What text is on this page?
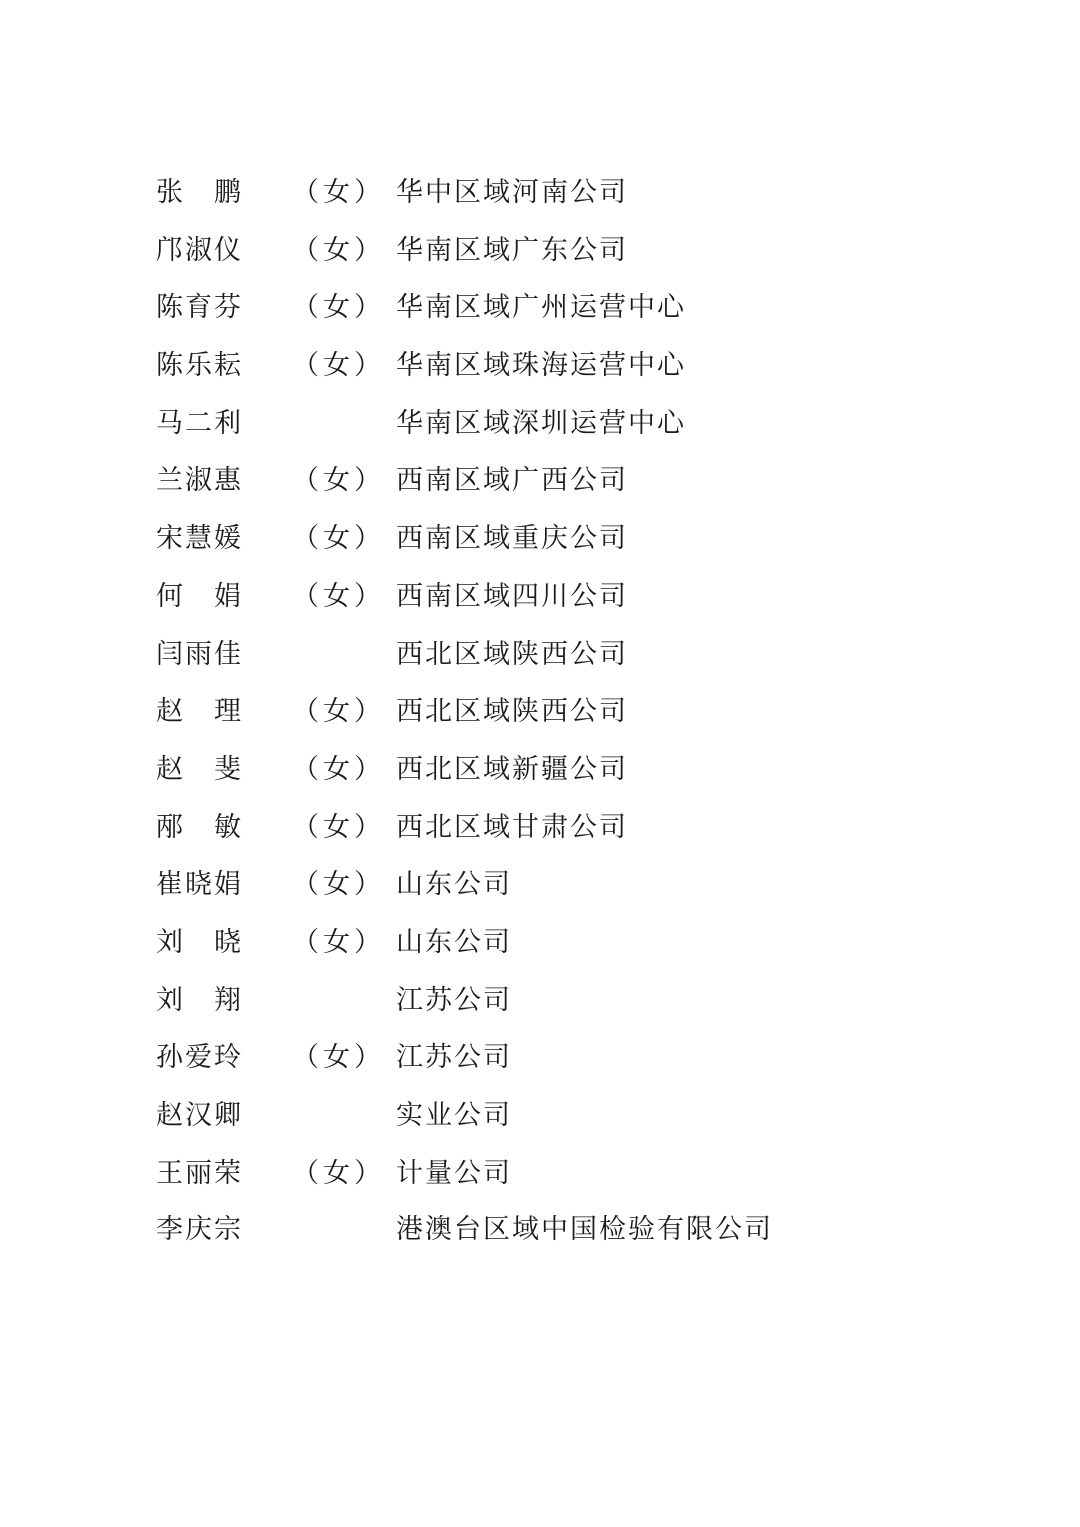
张　鹏 （女） 华中区域河南公司
邝淑仪 （女） 华南区域广东公司
陈育芬 （女） 华南区域广州运营中心
陈乐耘 （女） 华南区域珠海运营中心
马二利	华南区域深圳运营中心
兰淑惠 （女） 西南区域广西公司
宋慧媛 （女） 西南区域重庆公司
何　娟 （女） 西南区域四川公司
闫雨佳	西北区域陕西公司
赵　理 （女） 西北区域陕西公司
赵　斐 （女） 西北区域新疆公司
邴　敏 （女） 西北区域甘肃公司
崔晓娟 （女） 山东公司
刘　晓 （女） 山东公司
刘　翔	江苏公司
孙爱玲 （女） 江苏公司
赵汉卿	实业公司
王丽荣 （女） 计量公司
李庆宗	港澳台区域中国检验有限公司
